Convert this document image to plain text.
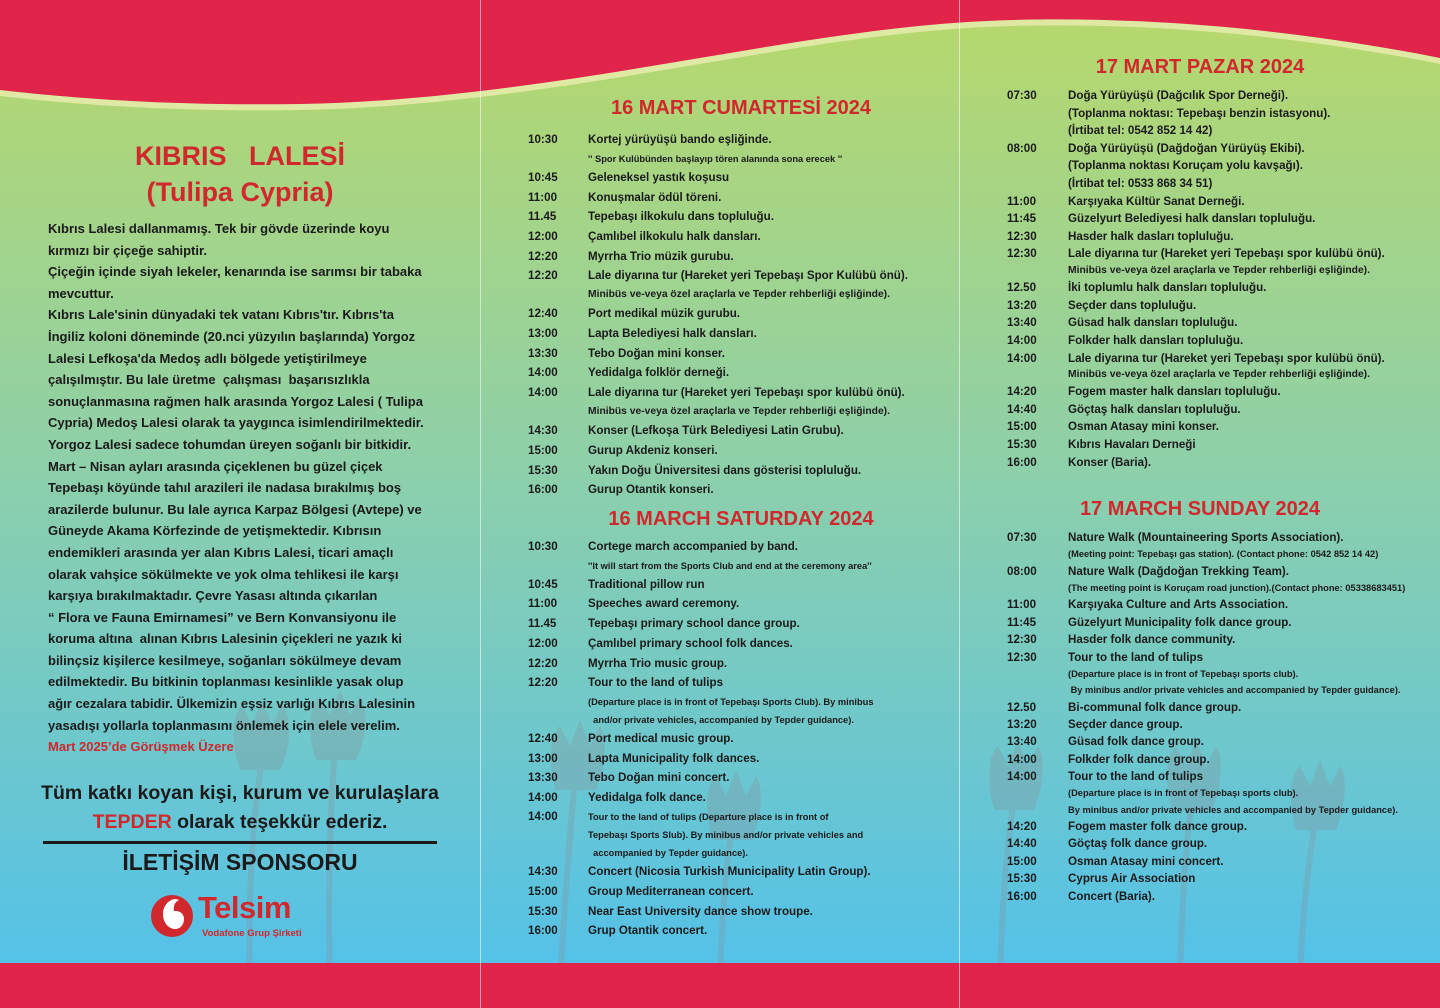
KIBRIS   LALESİ
(Tulipa Cypria)

Kıbrıs Lalesi dallanmamış. Tek bir gövde üzerinde koyu

kırmızı bir çiçeğe sahiptir.

Çiçeğin içinde siyah lekeler, kenarında ise sarımsı bir tabaka

mevcuttur.

Kıbrıs Lale'sinin dünyadaki tek vatanı Kıbrıs'tır. Kıbrıs'ta

İngiliz koloni döneminde (20.nci yüzyılın başlarında) Yorgoz

Lalesi Lefkoşa'da Medoş adlı bölgede yetiştirilmeye

çalışılmıştır. Bu lale üretme  çalışması  başarısızlıkla

sonuçlanmasına rağmen halk arasında Yorgoz Lalesi ( Tulipa

Cypria) Medoş Lalesi olarak ta yaygınca isimlendirilmektedir.

Yorgoz Lalesi sadece tohumdan üreyen soğanlı bir bitkidir.

Mart – Nisan ayları arasında çiçeklenen bu güzel çiçek

Tepebaşı köyünde tahıl arazileri ile nadasa bırakılmış boş

arazilerde bulunur. Bu lale ayrıca Karpaz Bölgesi (Avtepe) ve

Güneyde Akama Körfezinde de yetişmektedir. Kıbrısın

endemikleri arasında yer alan Kıbrıs Lalesi, ticari amaçlı

olarak vahşice sökülmekte ve yok olma tehlikesi ile karşı

karşıya bırakılmaktadır. Çevre Yasası altında çıkarılan

“ Flora ve Fauna Emirnamesi” ve Bern Konvansiyonu ile

koruma altına  alınan Kıbrıs Lalesinin çiçekleri ne yazık ki

bilinçsiz kişilerce kesilmeye, soğanları sökülmeye devam

edilmektedir. Bu bitkinin toplanması kesinlikle yasak olup

ağır cezalara tabidir. Ülkemizin eşsiz varlığı Kıbrıs Lalesinin

yasadışı yollarla toplanmasını önlemek için elele verelim.

Mart 2025’de Görüşmek Üzere

Tüm katkı koyan kişi, kurum ve kurulaşlara
TEPDER olarak teşekkür ederiz.
İLETİŞİM SPONSORU
Telsim
Vodafone Grup Şirketi
16 MART CUMARTESİ 2024
10:30	Kortej yürüyüşü bando eşliğinde.
'' Spor Kulübünden başlayıp tören alanında sona erecek ''
10:45	Geleneksel yastık koşusu
11:00	Konuşmalar ödül töreni.
11.45	Tepebaşı ilkokulu dans topluluğu.
12:00	Çamlıbel ilkokulu halk dansları.
12:20	Myrrha Trio müzik gurubu.
12:20	Lale diyarına tur (Hareket yeri Tepebaşı Spor Kulübü önü).
Minibüs ve-veya özel araçlarla ve Tepder rehberliği eşliğinde).
12:40	Port medikal müzik gurubu.
13:00	Lapta Belediyesi halk dansları.
13:30	Tebo Doğan mini konser.
14:00	Yedidalga folklör derneği.
14:00	Lale diyarına tur (Hareket yeri Tepebaşı spor kulübü önü).
Minibüs ve-veya özel araçlarla ve Tepder rehberliği eşliğinde).
14:30	Konser (Lefkoşa Türk Belediyesi Latin Grubu).
15:00	Gurup Akdeniz konseri.
15:30	Yakın Doğu Üniversitesi dans gösterisi topluluğu.
16:00	Gurup Otantik konseri.
16 MARCH SATURDAY 2024
10:30	Cortege march accompanied by band.
''It will start from the Sports Club and end at the ceremony area''
10:45	Traditional pillow run
11:00	Speeches award ceremony.
11.45	Tepebaşı primary school dance group.
12:00	Çamlıbel primary school folk dances.
12:20	Myrrha Trio music group.
12:20	Tour to the land of tulips
(Departure place is in front of Tepebaşı Sports Club). By minibus
and/or private vehicles, accompanied by Tepder guidance).
12:40	Port medical music group.
13:00	Lapta Municipality folk dances.
13:30	Tebo Doğan mini concert.
14:00	Yedidalga folk dance.
14:00	Tour to the land of tulips (Departure place is in front of
Tepebaşı Sports Slub). By minibus and/or private vehicles and
accompanied by Tepder guidance).
14:30	Concert (Nicosia Turkish Municipality Latin Group).
15:00	Group Mediterranean concert.
15:30	Near East University dance show troupe.
16:00	Grup Otantik concert.
17 MART PAZAR 2024
07:30	Doğa Yürüyüşü (Dağcılık Spor Derneği).
(Toplanma noktası: Tepebaşı benzin istasyonu).
(İrtibat tel: 0542 852 14 42)
08:00	Doğa Yürüyüşü (Dağdoğan Yürüyüş Ekibi).
(Toplanma noktası Koruçam yolu kavşağı).
(İrtibat tel: 0533 868 34 51)
11:00	Karşıyaka Kültür Sanat Derneği.
11:45	Güzelyurt Belediyesi halk dansları topluluğu.
12:30	Hasder halk dasları topluluğu.
12:30	Lale diyarına tur (Hareket yeri Tepebaşı spor kulübü önü).
Minibüs ve-veya özel araçlarla ve Tepder rehberliği eşliğinde).
12.50	İki toplumlu halk dansları topluluğu.
13:20	Seçder dans topluluğu.
13:40	Güsad halk dansları topluluğu.
14:00	Folkder halk dansları topluluğu.
14:00	Lale diyarına tur (Hareket yeri Tepebaşı spor kulübü önü).
Minibüs ve-veya özel araçlarla ve Tepder rehberliği eşliğinde).
14:20	Fogem master halk dansları topluluğu.
14:40	Göçtaş halk dansları topluluğu.
15:00	Osman Atasay mini konser.
15:30	Kıbrıs Havaları Derneği
16:00	Konser (Baria).
17 MARCH SUNDAY 2024
07:30	Nature Walk (Mountaineering Sports Association).
(Meeting point: Tepebaşı gas station). (Contact phone: 0542 852 14 42)
08:00	Nature Walk (Dağdoğan Trekking Team).
(The meeting point is Koruçam road junction).(Contact phone: 05338683451)
11:00	Karşıyaka Culture and Arts Association.
11:45	Güzelyurt Municipality folk dance group.
12:30	Hasder folk dance community.
12:30	Tour to the land of tulips
(Departure place is in front of Tepebaşı sports club).
By minibus and/or private vehicles and accompanied by Tepder guidance).
12.50	Bi-communal folk dance group.
13:20	Seçder dance group.
13:40	Güsad folk dance group.
14:00	Folkder folk dance group.
14:00	Tour to the land of tulips
(Departure place is in front of Tepebaşı sports club).
By minibus and/or private vehicles and accompanied by Tepder guidance).
14:20	Fogem master folk dance group.
14:40	Göçtaş folk dance group.
15:00	Osman Atasay mini concert.
15:30	Cyprus Air Association
16:00	Concert (Baria).
